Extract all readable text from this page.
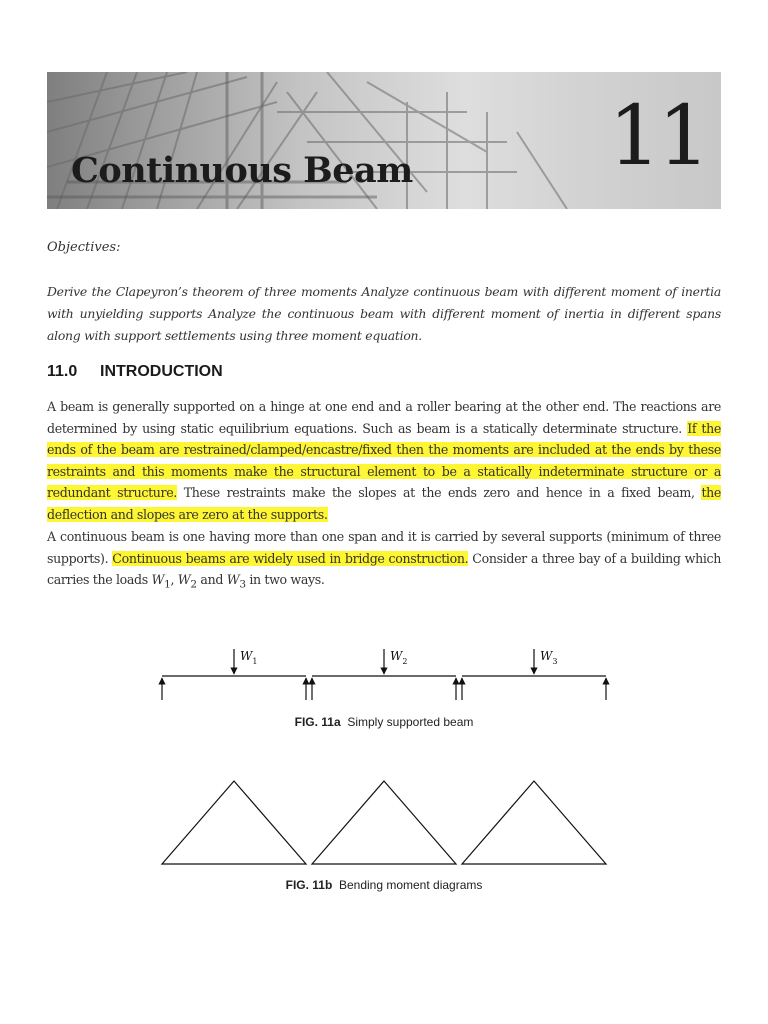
Continuous Beam 11

Objectives:

Derive the Clapeyron’s theorem of three moments Analyze continuous beam with different moment of inertia with unyielding supports Analyze the continuous beam with different moment of inertia in different spans along with support settlements using three moment equation.

11.0 INTRODUCTION

A beam is generally supported on a hinge at one end and a roller bearing at the other end. The reactions are determined by using static equilibrium equations. Such as beam is a statically determinate structure. If the ends of the beam are restrained/clamped/encastre/fixed then the moments are included at the ends by these restraints and this moments make the structural element to be a statically indeterminate structure or a redundant structure. These restraints make the slopes at the ends zero and hence in a fixed beam, the deflection and slopes are zero at the supports.

A continuous beam is one having more than one span and it is carried by several supports (minimum of three supports). Continuous beams are widely used in bridge construction. Consider a three bay of a building which carries the loads $W_1$, $W_2$ and $W_3$ in two ways.

$W_1$	$W_2$	$W_3$

FIG. 11a Simply supported beam

FIG. 11b Bending moment diagrams
